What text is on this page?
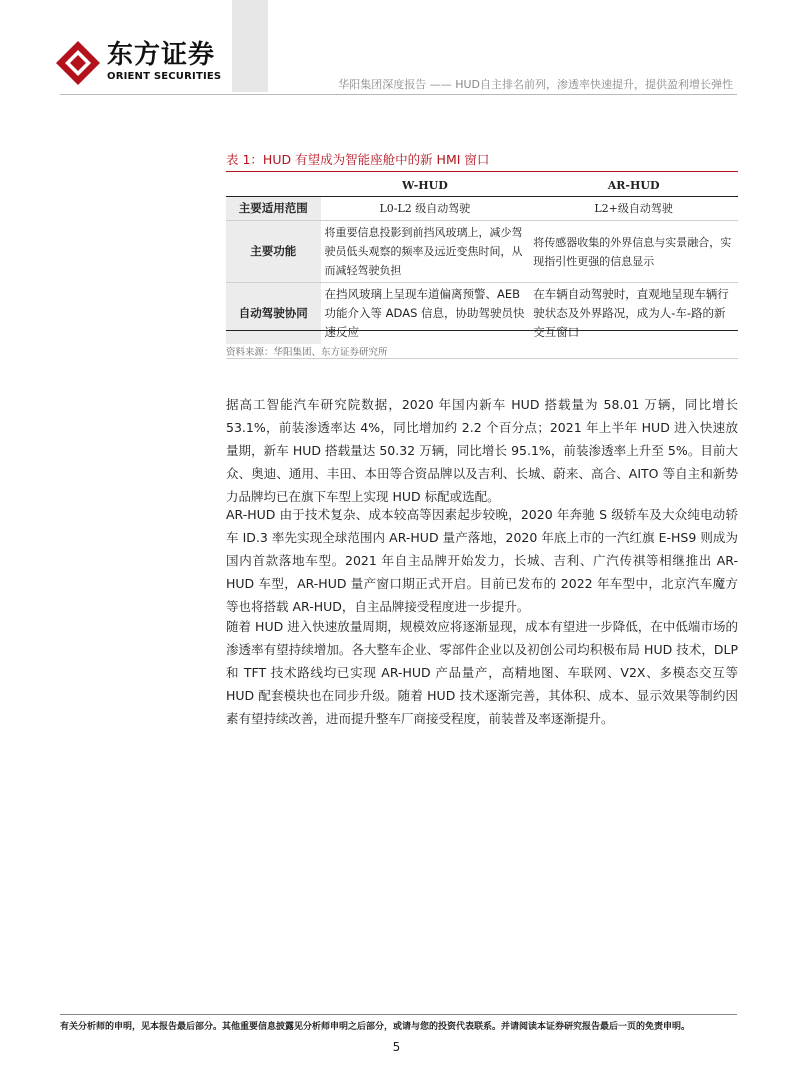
东方证券
ORIENT SECURITIES
华阳集团深度报告 —— HUD自主排名前列，渗透率快速提升，提供盈利增长弹性
表 1：HUD 有望成为智能座舱中的新 HMI 窗口
	W-HUD	AR-HUD
主要适用范围	L0-L2 级自动驾驶	L2+级自动驾驶
主要功能	将重要信息投影到前挡风玻璃上，减少驾驶员低头观察的频率及远近变焦时间，从而减轻驾驶负担	将传感器收集的外界信息与实景融合，实现指引性更强的信息显示
自动驾驶协同	在挡风玻璃上呈现车道偏离预警、AEB功能介入等 ADAS 信息，协助驾驶员快速反应	在车辆自动驾驶时，直观地呈现车辆行驶状态及外界路况，成为人-车-路的新交互窗口
资料来源：华阳集团、东方证券研究所

据高工智能汽车研究院数据，2020 年国内新车 HUD 搭载量为 58.01 万辆，同比增长 53.1%，前装渗透率达 4%，同比增加约 2.2 个百分点；2021 年上半年 HUD 进入快速放量期，新车 HUD 搭载量达 50.32 万辆，同比增长 95.1%，前装渗透率上升至 5%。目前大众、奥迪、通用、丰田、本田等合资品牌以及吉利、长城、蔚来、高合、AITO 等自主和新势力品牌均已在旗下车型上实现 HUD 标配或选配。

AR-HUD 由于技术复杂、成本较高等因素起步较晚，2020 年奔驰 S 级轿车及大众纯电动轿车 ID.3 率先实现全球范围内 AR-HUD 量产落地，2020 年底上市的一汽红旗 E-HS9 则成为国内首款落地车型。2021 年自主品牌开始发力，长城、吉利、广汽传祺等相继推出 AR-HUD 车型，AR-HUD 量产窗口期正式开启。目前已发布的 2022 年车型中，北京汽车魔方等也将搭载 AR-HUD，自主品牌接受程度进一步提升。

随着 HUD 进入快速放量周期，规模效应将逐渐显现，成本有望进一步降低，在中低端市场的渗透率有望持续增加。各大整车企业、零部件企业以及初创公司均积极布局 HUD 技术，DLP 和 TFT 技术路线均已实现 AR-HUD 产品量产，高精地图、车联网、V2X、多模态交互等 HUD 配套模块也在同步升级。随着 HUD 技术逐渐完善，其体积、成本、显示效果等制约因素有望持续改善，进而提升整车厂商接受程度，前装普及率逐渐提升。

有关分析师的申明，见本报告最后部分。其他重要信息披露见分析师申明之后部分，或请与您的投资代表联系。并请阅读本证券研究报告最后一页的免责申明。
5
